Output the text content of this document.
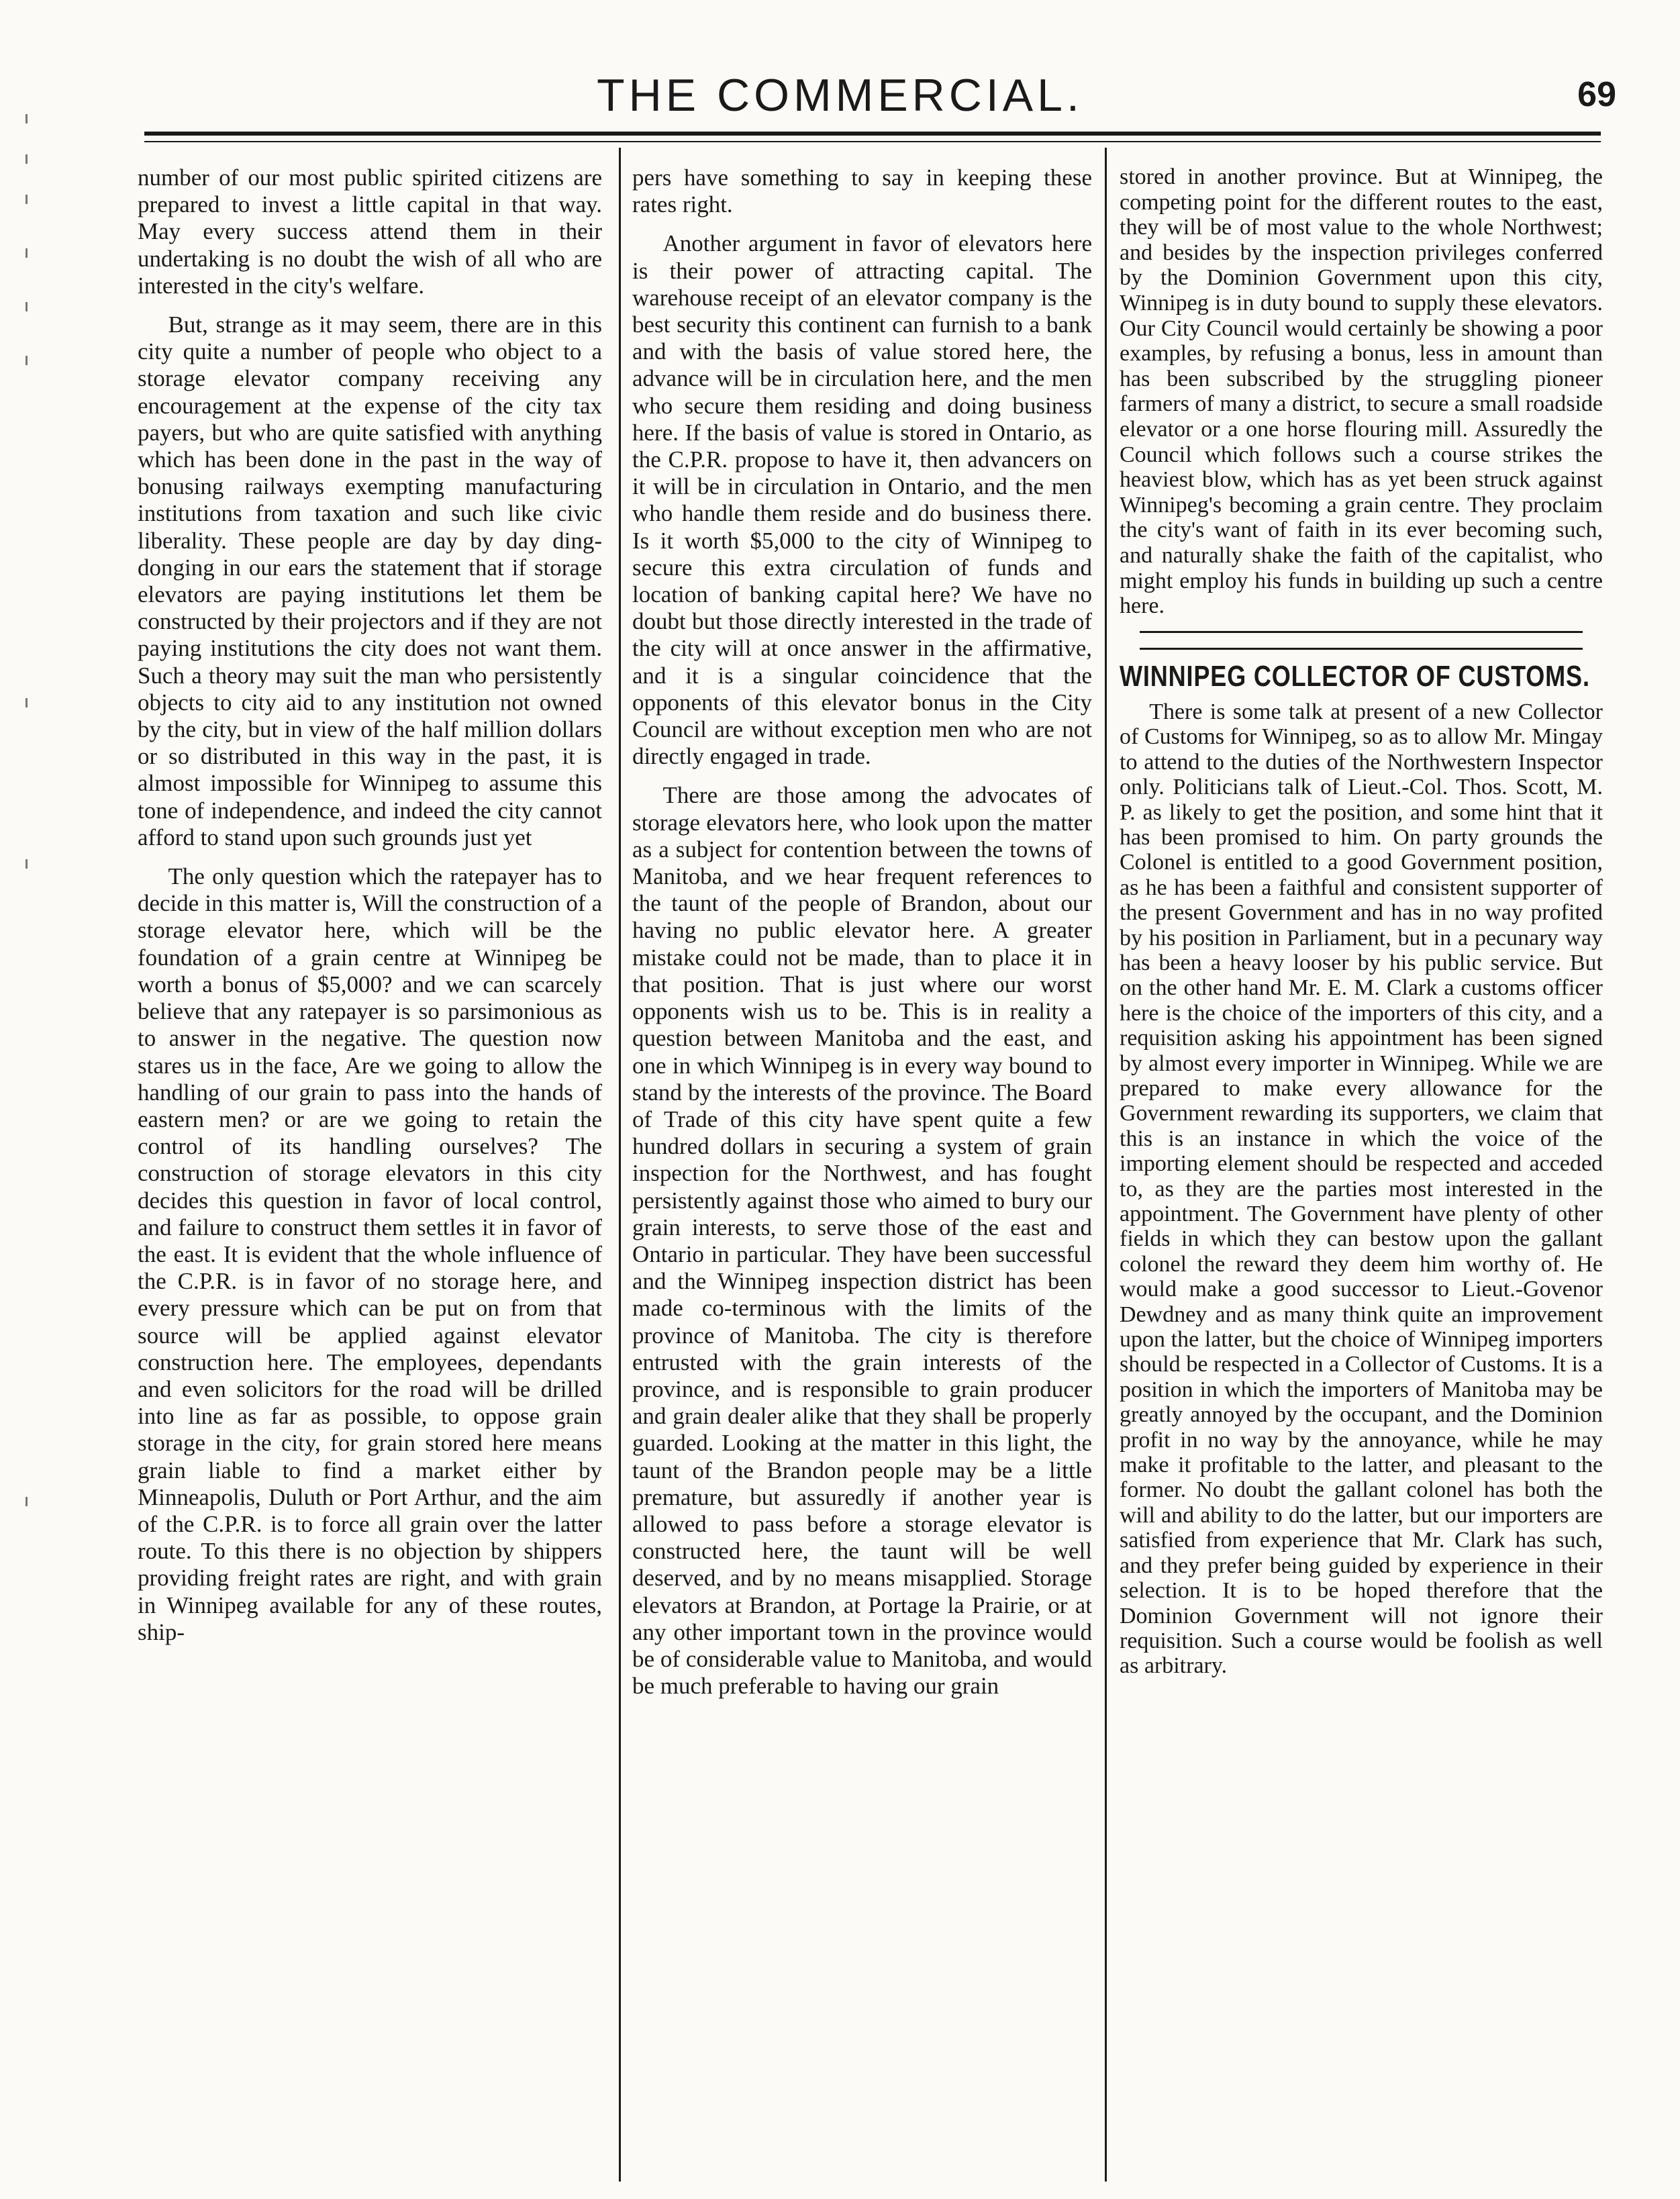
THE COMMERCIAL.	69

number of our most public spirited citizens are prepared to invest a little capital in that way. May every success attend them in their undertaking is no doubt the wish of all who are interested in the city's welfare.

But, strange as it may seem, there are in this city quite a number of people who object to a storage elevator company receiving any encouragement at the expense of the city tax payers, but who are quite satisfied with anything which has been done in the past in the way of bonusing railways exempting manufacturing institutions from taxation and such like civic liberality. These people are day by day ding-donging in our ears the statement that if storage elevators are paying institutions let them be constructed by their projectors and if they are not paying institutions the city does not want them. Such a theory may suit the man who persistently objects to city aid to any institution not owned by the city, but in view of the half million dollars or so distributed in this way in the past, it is almost impossible for Winnipeg to assume this tone of independence, and indeed the city cannot afford to stand upon such grounds just yet

The only question which the ratepayer has to decide in this matter is, Will the construction of a storage elevator here, which will be the foundation of a grain centre at Winnipeg be worth a bonus of $5,000? and we can scarcely believe that any ratepayer is so parsimonious as to answer in the negative. The question now stares us in the face, Are we going to allow the handling of our grain to pass into the hands of eastern men? or are we going to retain the control of its handling ourselves? The construction of storage elevators in this city decides this question in favor of local control, and failure to construct them settles it in favor of the east. It is evident that the whole influence of the C.P.R. is in favor of no storage here, and every pressure which can be put on from that source will be applied against elevator construction here. The employees, dependants and even solicitors for the road will be drilled into line as far as possible, to oppose grain storage in the city, for grain stored here means grain liable to find a market either by Minneapolis, Duluth or Port Arthur, and the aim of the C.P.R. is to force all grain over the latter route. To this there is no objection by shippers providing freight rates are right, and with grain in Winnipeg available for any of these routes, ship-

pers have something to say in keeping these rates right.

Another argument in favor of elevators here is their power of attracting capital. The warehouse receipt of an elevator company is the best security this continent can furnish to a bank and with the basis of value stored here, the advance will be in circulation here, and the men who secure them residing and doing business here. If the basis of value is stored in Ontario, as the C.P.R. propose to have it, then advancers on it will be in circulation in Ontario, and the men who handle them reside and do business there. Is it worth $5,000 to the city of Winnipeg to secure this extra circulation of funds and location of banking capital here? We have no doubt but those directly interested in the trade of the city will at once answer in the affirmative, and it is a singular coincidence that the opponents of this elevator bonus in the City Council are without exception men who are not directly engaged in trade.

There are those among the advocates of storage elevators here, who look upon the matter as a subject for contention between the towns of Manitoba, and we hear frequent references to the taunt of the people of Brandon, about our having no public elevator here. A greater mistake could not be made, than to place it in that position. That is just where our worst opponents wish us to be. This is in reality a question between Manitoba and the east, and one in which Winnipeg is in every way bound to stand by the interests of the province. The Board of Trade of this city have spent quite a few hundred dollars in securing a system of grain inspection for the Northwest, and has fought persistently against those who aimed to bury our grain interests, to serve those of the east and Ontario in particular. They have been successful and the Winnipeg inspection district has been made co-terminous with the limits of the province of Manitoba. The city is therefore entrusted with the grain interests of the province, and is responsible to grain producer and grain dealer alike that they shall be properly guarded. Looking at the matter in this light, the taunt of the Brandon people may be a little premature, but assuredly if another year is allowed to pass before a storage elevator is constructed here, the taunt will be well deserved, and by no means misapplied. Storage elevators at Brandon, at Portage la Prairie, or at any other important town in the province would be of considerable value to Manitoba, and would be much preferable to having our grain

stored in another province. But at Winnipeg, the competing point for the different routes to the east, they will be of most value to the whole Northwest; and besides by the inspection privileges conferred by the Dominion Government upon this city, Winnipeg is in duty bound to supply these elevators. Our City Council would certainly be showing a poor examples, by refusing a bonus, less in amount than has been subscribed by the struggling pioneer farmers of many a district, to secure a small roadside elevator or a one horse flouring mill. Assuredly the Council which follows such a course strikes the heaviest blow, which has as yet been struck against Winnipeg's becoming a grain centre. They proclaim the city's want of faith in its ever becoming such, and naturally shake the faith of the capitalist, who might employ his funds in building up such a centre here.

WINNIPEG COLLECTOR OF CUSTOMS.

There is some talk at present of a new Collector of Customs for Winnipeg, so as to allow Mr. Mingay to attend to the duties of the Northwestern Inspector only. Politicians talk of Lieut.-Col. Thos. Scott, M. P. as likely to get the position, and some hint that it has been promised to him. On party grounds the Colonel is entitled to a good Government position, as he has been a faithful and consistent supporter of the present Government and has in no way profited by his position in Parliament, but in a pecunary way has been a heavy looser by his public service. But on the other hand Mr. E. M. Clark a customs officer here is the choice of the importers of this city, and a requisition asking his appointment has been signed by almost every importer in Winnipeg. While we are prepared to make every allowance for the Government rewarding its supporters, we claim that this is an instance in which the voice of the importing element should be respected and acceded to, as they are the parties most interested in the appointment. The Government have plenty of other fields in which they can bestow upon the gallant colonel the reward they deem him worthy of. He would make a good successor to Lieut.-Govenor Dewdney and as many think quite an improvement upon the latter, but the choice of Winnipeg importers should be respected in a Collector of Customs. It is a position in which the importers of Manitoba may be greatly annoyed by the occupant, and the Dominion profit in no way by the annoyance, while he may make it profitable to the latter, and pleasant to the former. No doubt the gallant colonel has both the will and ability to do the latter, but our importers are satisfied from experience that Mr. Clark has such, and they prefer being guided by experience in their selection. It is to be hoped therefore that the Dominion Government will not ignore their requisition. Such a course would be foolish as well as arbitrary.
